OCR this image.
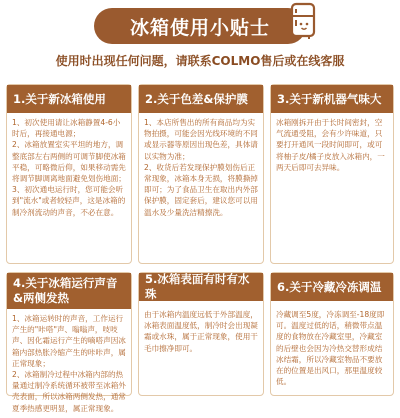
冰箱使用小贴士
使用时出现任何问题，请联系COLMO售后或在线客服
1.关于新冰箱使用

1、初次使用请让冰箱静置4-6小时后，再接通电源；

2、冰箱放置室实平坦的地方，调整底部左右两侧的可调节脚使冰箱平稳，可略微后仰，如果移动需先将调节脚调离地面避免划伤地面；

3、初次通电运行时，您可能会听到"流水"或者较轻声，这是冰箱的制冷剂流动的声音，不必在意。

2.关于色差&保护膜

1、本店所售出的所有商品均为实物拍摄，可能会因光线环境的不同或显示器等原因出现色差，具体请以实物为准；

2、收货后若发现保护膜划伤后正常现象，冰箱本身无损，将膜撕掉即可；为了食品卫生在取出内外部保护膜，固定套后，建议您可以用温水及少量洗洁精擦洗。

3.关于新机器气味大

冰箱刚拆开由于长时间密封，空气流通受阻，会有少许味道，只要打开通风一段时间即可，或可将柚子皮/橘子皮放入冰箱内，一两天后即可去异味。

4.关于冰箱运行声音&两侧发热

1、冰箱运转时的声音，工作运行产生的"咔嗒"声、嗡嗡声，吱吱声、因化霜运行产生的嘀嗒声因冰箱内部热胀冷缩产生的咔咔声，属正常现象；

2、冰箱制冷过程中冰箱内部的热量通过制冷系统循环被带至冰箱外壳表面，所以冰箱两侧发热，通常夏季热感更明显，属正常现象。

5.冰箱表面有时有水珠

由于冰箱内温度远低于外部温度，冰箱表面温度低，制冷时会出现凝霜或水珠，属于正常现象，使用干毛巾擦净即可。

6.关于冷藏冷冻调温

冷藏调至5度，冷冻调至-18度即可。温度过低的话，稍微带点温度的食物放在冷藏室里，冷藏室的后壁也会因为冷热交替形成结冰结霜，所以冷藏室物品不要放在的位置是出风口，那里温度较低。
